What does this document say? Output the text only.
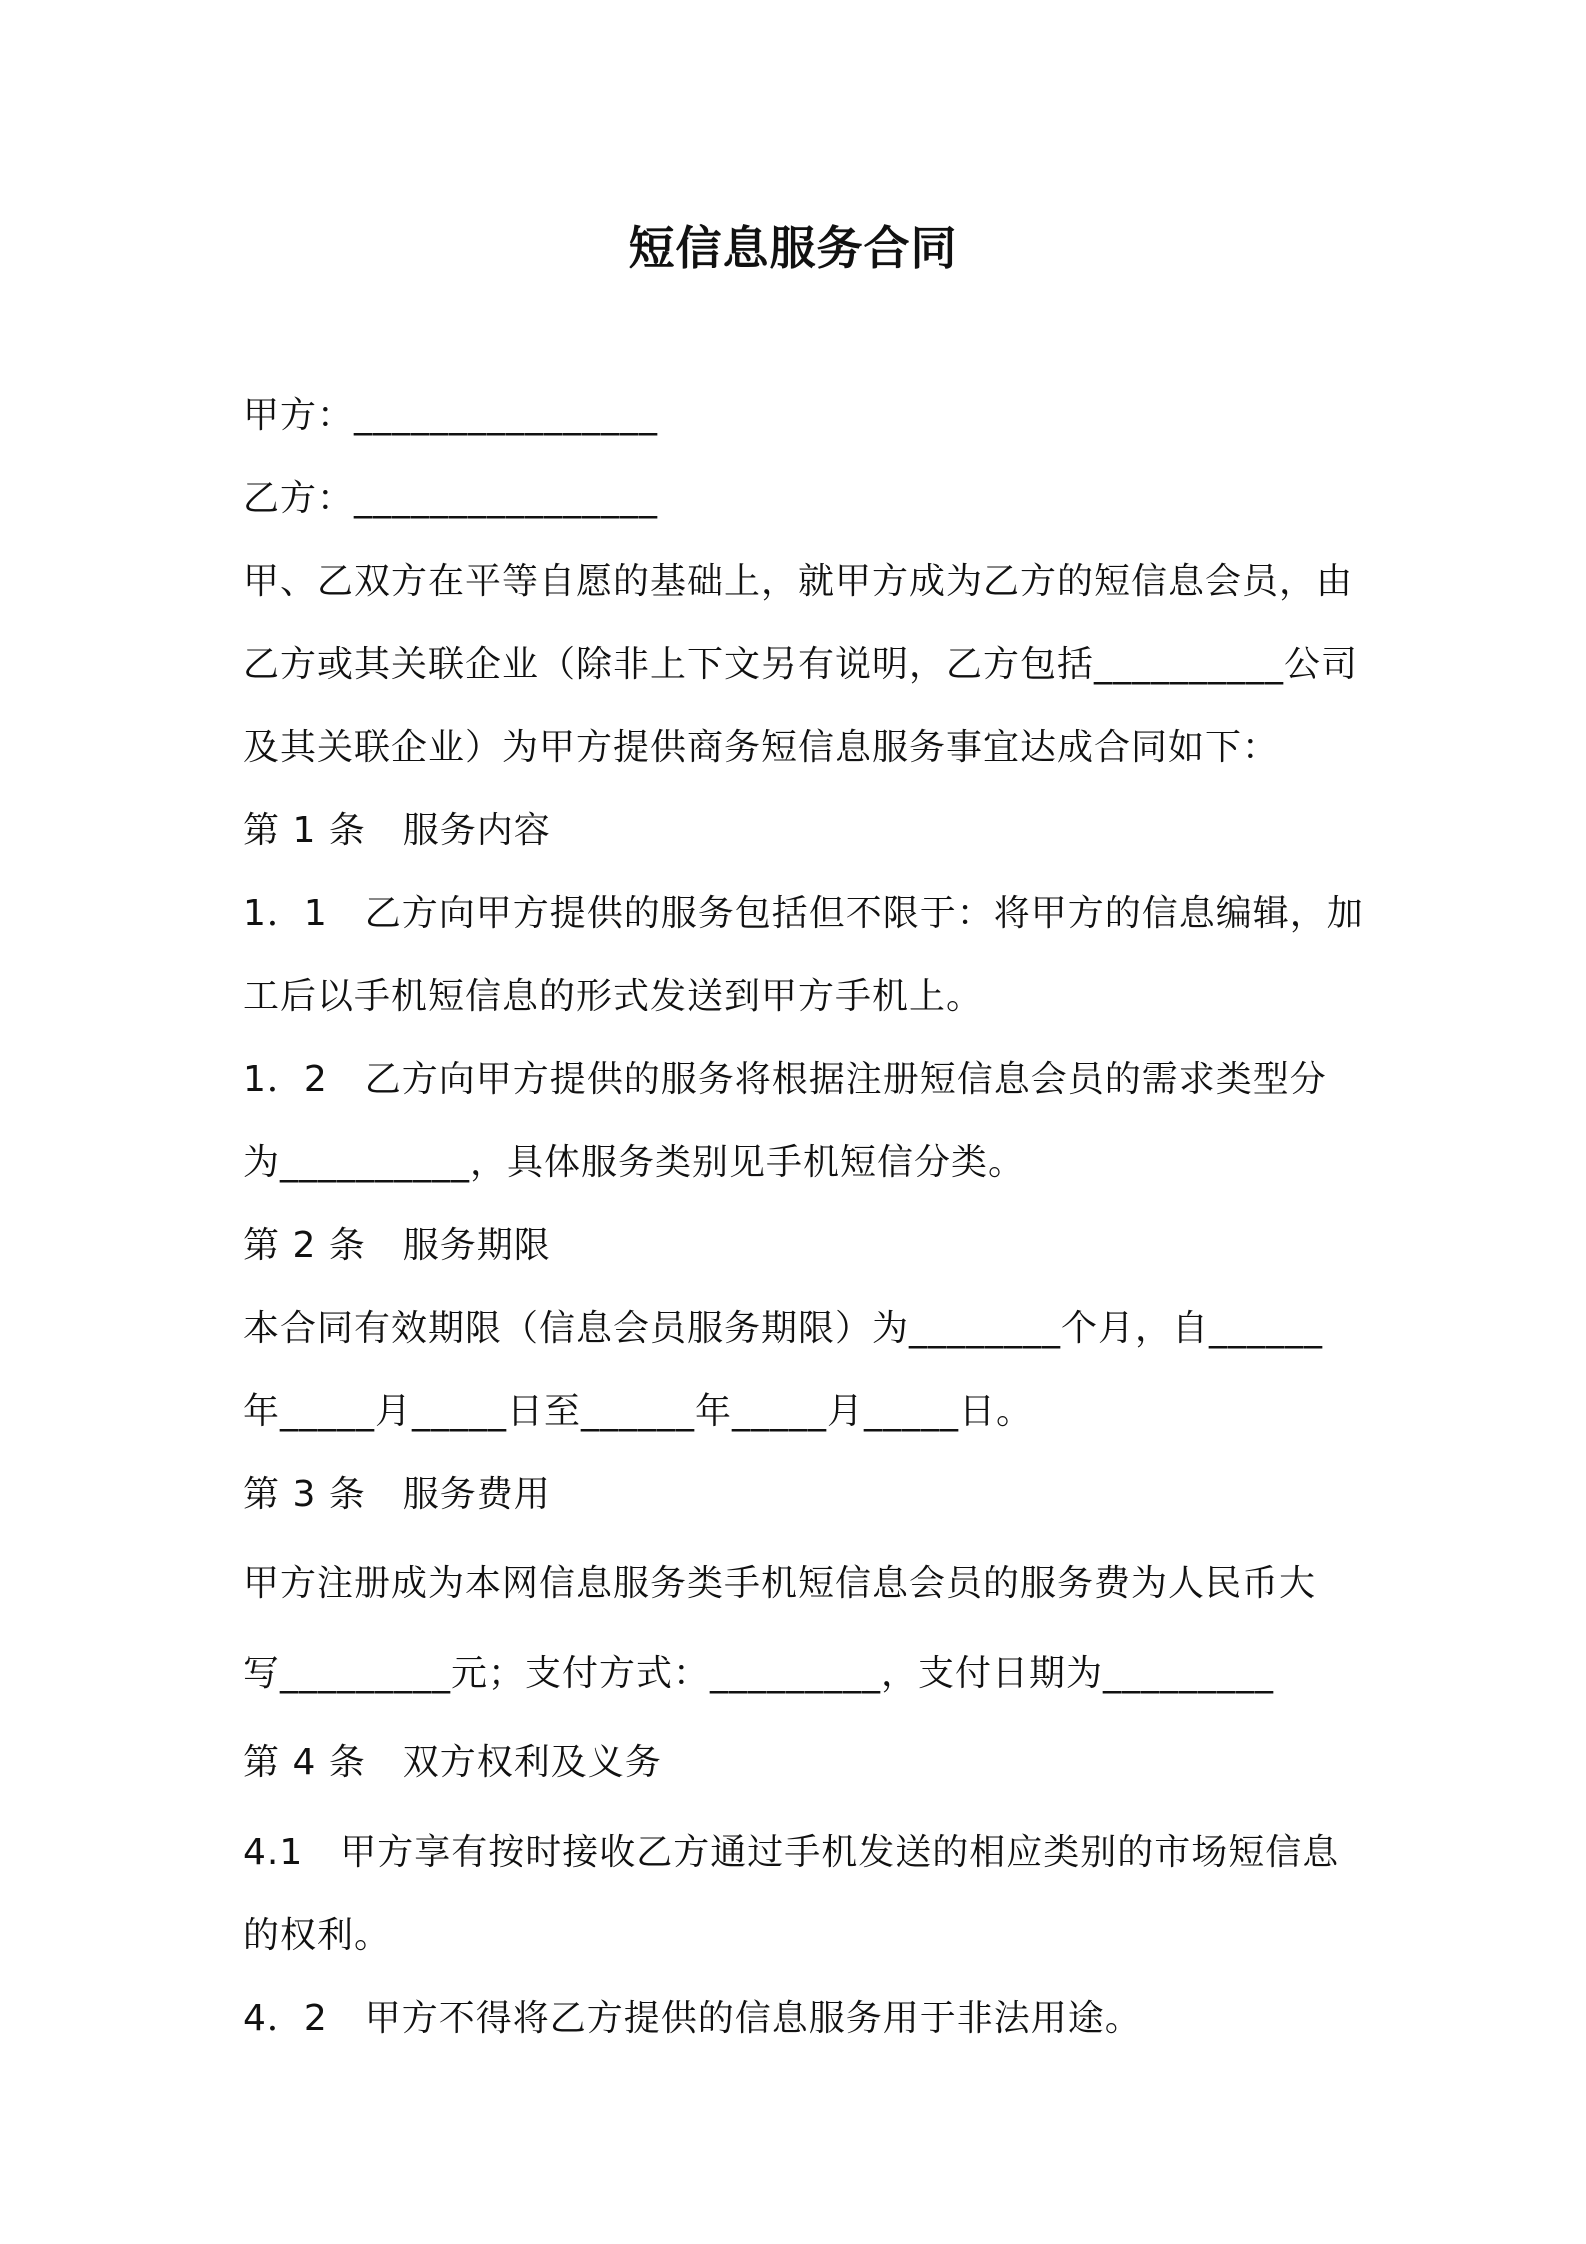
短信息服务合同
甲方：________________
乙方：________________
甲、乙双方在平等自愿的基础上，就甲方成为乙方的短信息会员，由
乙方或其关联企业（除非上下文另有说明，乙方包括__________公司
及其关联企业）为甲方提供商务短信息服务事宜达成合同如下：
第 1 条　服务内容
1．1　乙方向甲方提供的服务包括但不限于：将甲方的信息编辑，加
工后以手机短信息的形式发送到甲方手机上。
1．2　乙方向甲方提供的服务将根据注册短信息会员的需求类型分
为__________，具体服务类别见手机短信分类。
第 2 条　服务期限
本合同有效期限（信息会员服务期限）为________个月，自______
年_____月_____日至______年_____月_____日。
第 3 条　服务费用
甲方注册成为本网信息服务类手机短信息会员的服务费为人民币大
写_________元；支付方式：_________，支付日期为_________
第 4 条　双方权利及义务
4.1　甲方享有按时接收乙方通过手机发送的相应类别的市场短信息
的权利。
4．2　甲方不得将乙方提供的信息服务用于非法用途。
